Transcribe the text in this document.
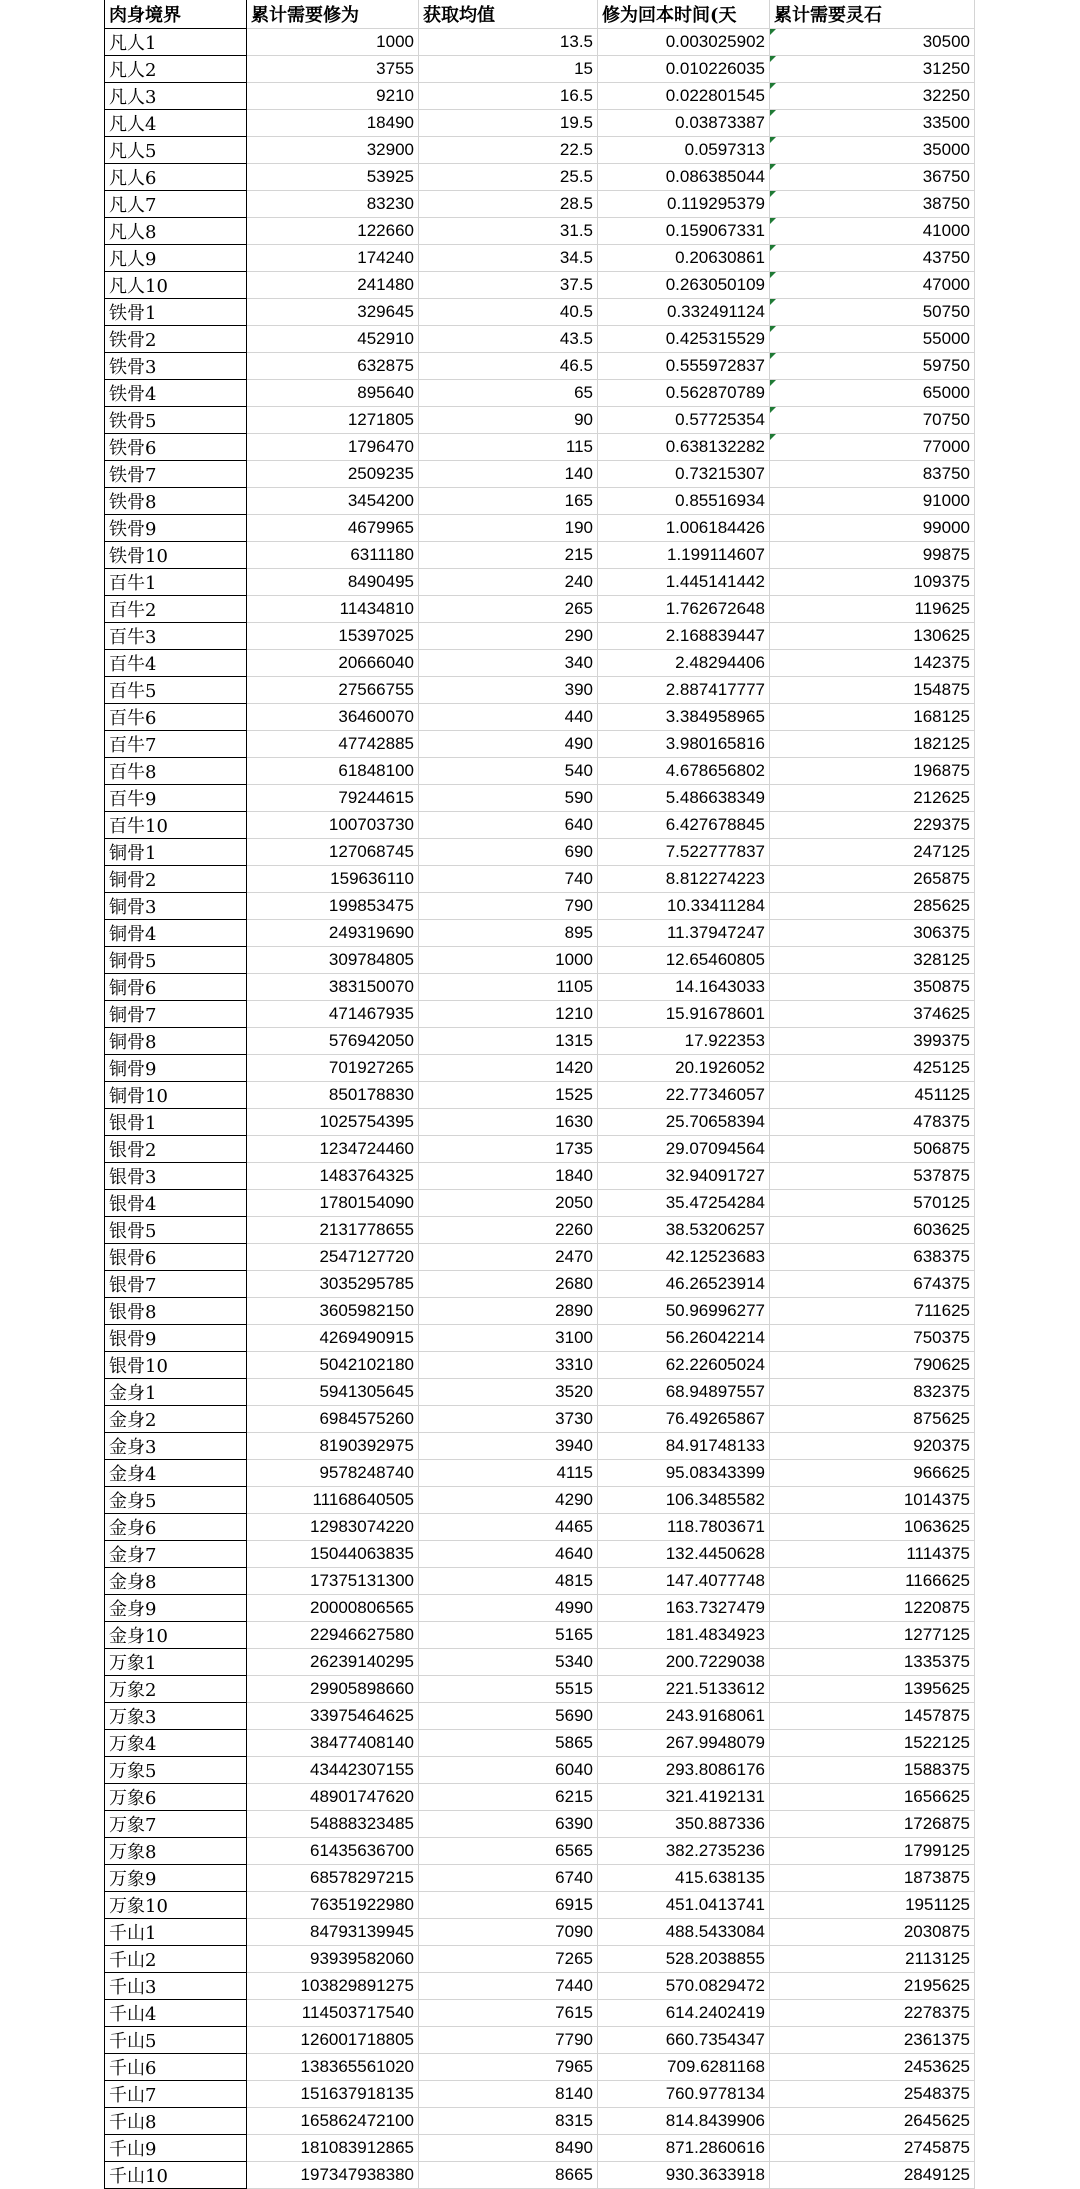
肉身境界	累计需要修为	获取均值	修为回本时间(天	累计需要灵石
凡人1	1000	13.5	0.003025902	30500
凡人2	3755	15	0.010226035	31250
凡人3	9210	16.5	0.022801545	32250
凡人4	18490	19.5	0.03873387	33500
凡人5	32900	22.5	0.0597313	35000
凡人6	53925	25.5	0.086385044	36750
凡人7	83230	28.5	0.119295379	38750
凡人8	122660	31.5	0.159067331	41000
凡人9	174240	34.5	0.20630861	43750
凡人10	241480	37.5	0.263050109	47000
铁骨1	329645	40.5	0.332491124	50750
铁骨2	452910	43.5	0.425315529	55000
铁骨3	632875	46.5	0.555972837	59750
铁骨4	895640	65	0.562870789	65000
铁骨5	1271805	90	0.57725354	70750
铁骨6	1796470	115	0.638132282	77000
铁骨7	2509235	140	0.73215307	83750
铁骨8	3454200	165	0.85516934	91000
铁骨9	4679965	190	1.006184426	99000
铁骨10	6311180	215	1.199114607	99875
百牛1	8490495	240	1.445141442	109375
百牛2	11434810	265	1.762672648	119625
百牛3	15397025	290	2.168839447	130625
百牛4	20666040	340	2.48294406	142375
百牛5	27566755	390	2.887417777	154875
百牛6	36460070	440	3.384958965	168125
百牛7	47742885	490	3.980165816	182125
百牛8	61848100	540	4.678656802	196875
百牛9	79244615	590	5.486638349	212625
百牛10	100703730	640	6.427678845	229375
铜骨1	127068745	690	7.522777837	247125
铜骨2	159636110	740	8.812274223	265875
铜骨3	199853475	790	10.33411284	285625
铜骨4	249319690	895	11.37947247	306375
铜骨5	309784805	1000	12.65460805	328125
铜骨6	383150070	1105	14.1643033	350875
铜骨7	471467935	1210	15.91678601	374625
铜骨8	576942050	1315	17.922353	399375
铜骨9	701927265	1420	20.1926052	425125
铜骨10	850178830	1525	22.77346057	451125
银骨1	1025754395	1630	25.70658394	478375
银骨2	1234724460	1735	29.07094564	506875
银骨3	1483764325	1840	32.94091727	537875
银骨4	1780154090	2050	35.47254284	570125
银骨5	2131778655	2260	38.53206257	603625
银骨6	2547127720	2470	42.12523683	638375
银骨7	3035295785	2680	46.26523914	674375
银骨8	3605982150	2890	50.96996277	711625
银骨9	4269490915	3100	56.26042214	750375
银骨10	5042102180	3310	62.22605024	790625
金身1	5941305645	3520	68.94897557	832375
金身2	6984575260	3730	76.49265867	875625
金身3	8190392975	3940	84.91748133	920375
金身4	9578248740	4115	95.08343399	966625
金身5	11168640505	4290	106.3485582	1014375
金身6	12983074220	4465	118.7803671	1063625
金身7	15044063835	4640	132.4450628	1114375
金身8	17375131300	4815	147.4077748	1166625
金身9	20000806565	4990	163.7327479	1220875
金身10	22946627580	5165	181.4834923	1277125
万象1	26239140295	5340	200.7229038	1335375
万象2	29905898660	5515	221.5133612	1395625
万象3	33975464625	5690	243.9168061	1457875
万象4	38477408140	5865	267.9948079	1522125
万象5	43442307155	6040	293.8086176	1588375
万象6	48901747620	6215	321.4192131	1656625
万象7	54888323485	6390	350.887336	1726875
万象8	61435636700	6565	382.2735236	1799125
万象9	68578297215	6740	415.638135	1873875
万象10	76351922980	6915	451.0413741	1951125
千山1	84793139945	7090	488.5433084	2030875
千山2	93939582060	7265	528.2038855	2113125
千山3	103829891275	7440	570.0829472	2195625
千山4	114503717540	7615	614.2402419	2278375
千山5	126001718805	7790	660.7354347	2361375
千山6	138365561020	7965	709.6281168	2453625
千山7	151637918135	8140	760.9778134	2548375
千山8	165862472100	8315	814.8439906	2645625
千山9	181083912865	8490	871.2860616	2745875
千山10	197347938380	8665	930.3633918	2849125
